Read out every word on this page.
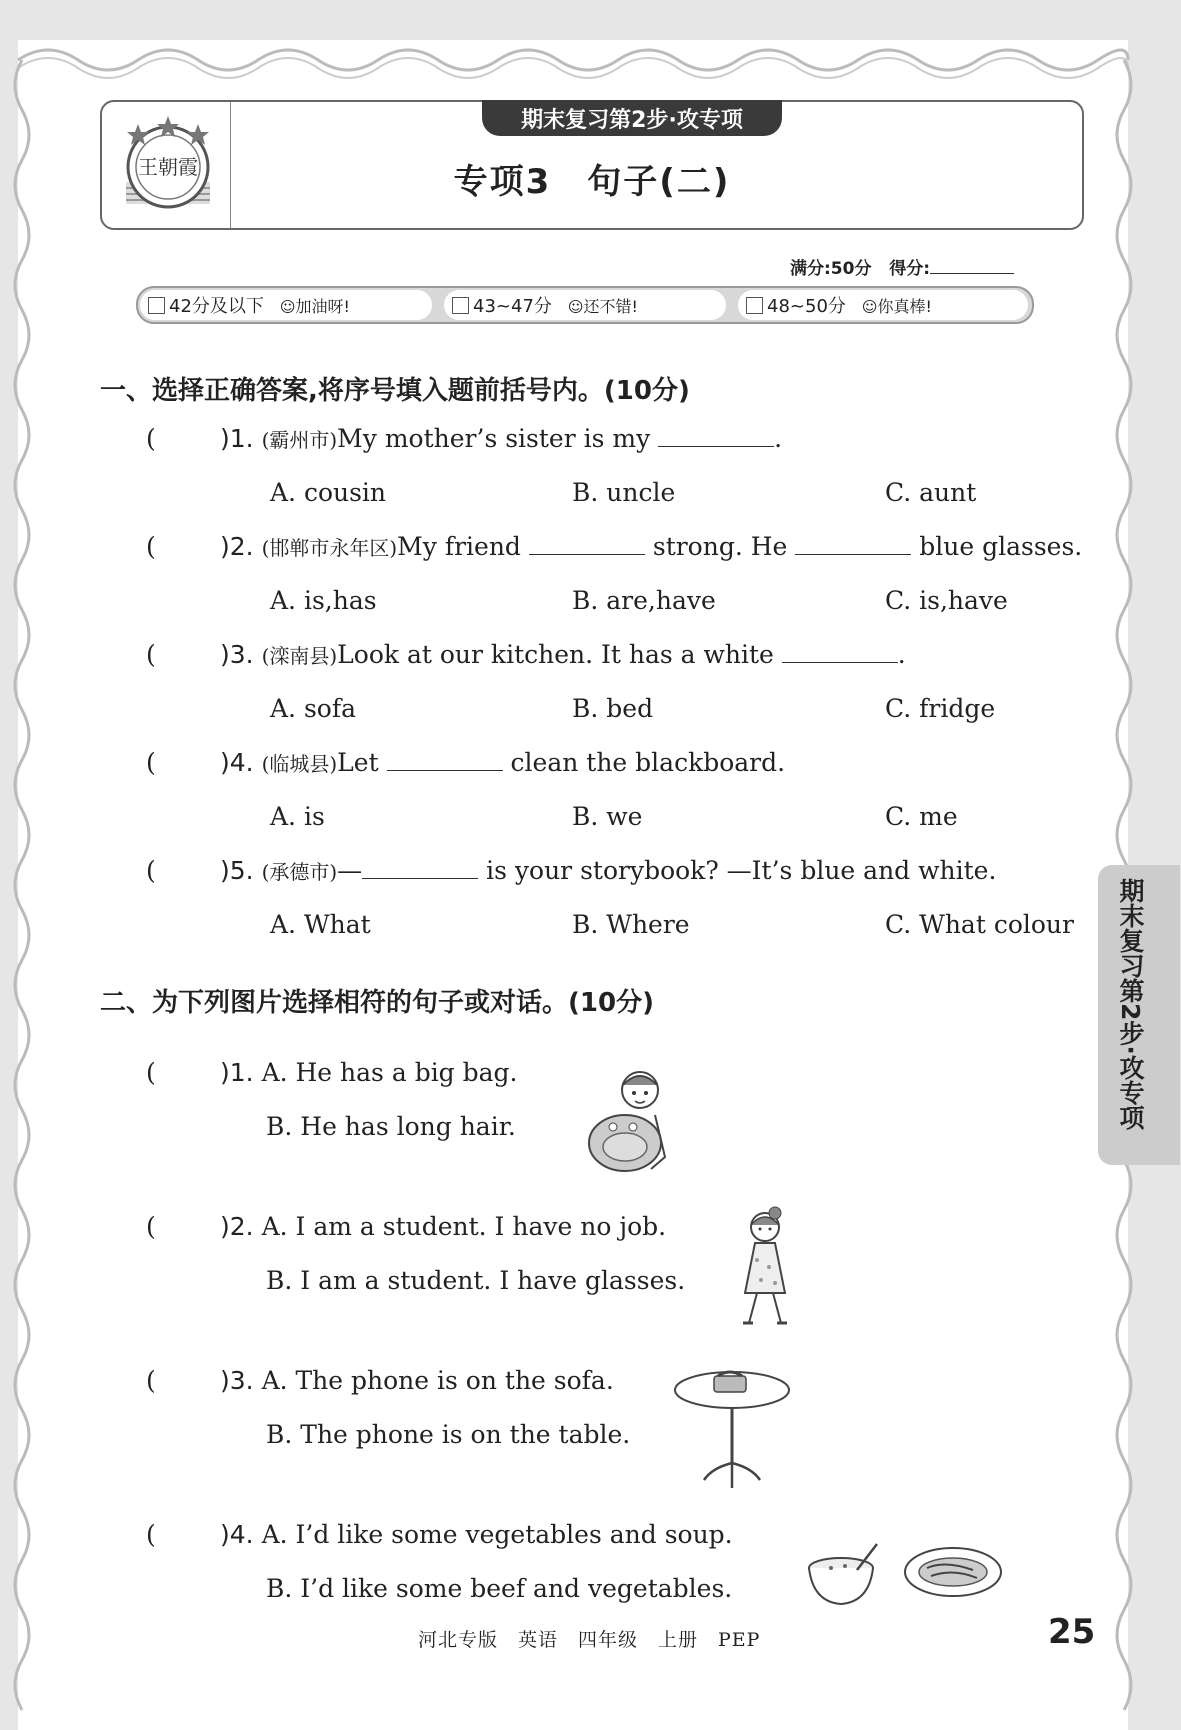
王朝霞
期末复习第2步·攻专项
专项3　句子(二)
满分:50分 得分:
42分及以下 ☺加油呀!	43~47分 ☺还不错!	48~50分 ☺你真棒!
一、选择正确答案,将序号填入题前括号内。(10分)
(	)1. (霸州市)My mother’s sister is my	.
A. cousin	B. uncle	C. aunt
(	)2. (邯郸市永年区)My friend	strong. He	blue glasses.
A. is,has	B. are,have	C. is,have
(	)3. (滦南县)Look at our kitchen. It has a white	.
A. sofa	B. bed	C. fridge
(	)4. (临城县)Let	clean the blackboard.
A. is	B. we	C. me
(	)5. (承德市)—	is your storybook? —It’s blue and white.
A. What	B. Where	C. What colour
二、为下列图片选择相符的句子或对话。(10分)
(	)1. A. He has a big bag.
B. He has long hair.
(	)2. A. I am a student. I have no job.
B. I am a student. I have glasses.
(	)3. A. The phone is on the sofa.
B. The phone is on the table.
(	)4. A. I’d like some vegetables and soup.
B. I’d like some beef and vegetables.
期末复习第2步·攻专项
河北专版　英语　四年级　上册　PEP	25
